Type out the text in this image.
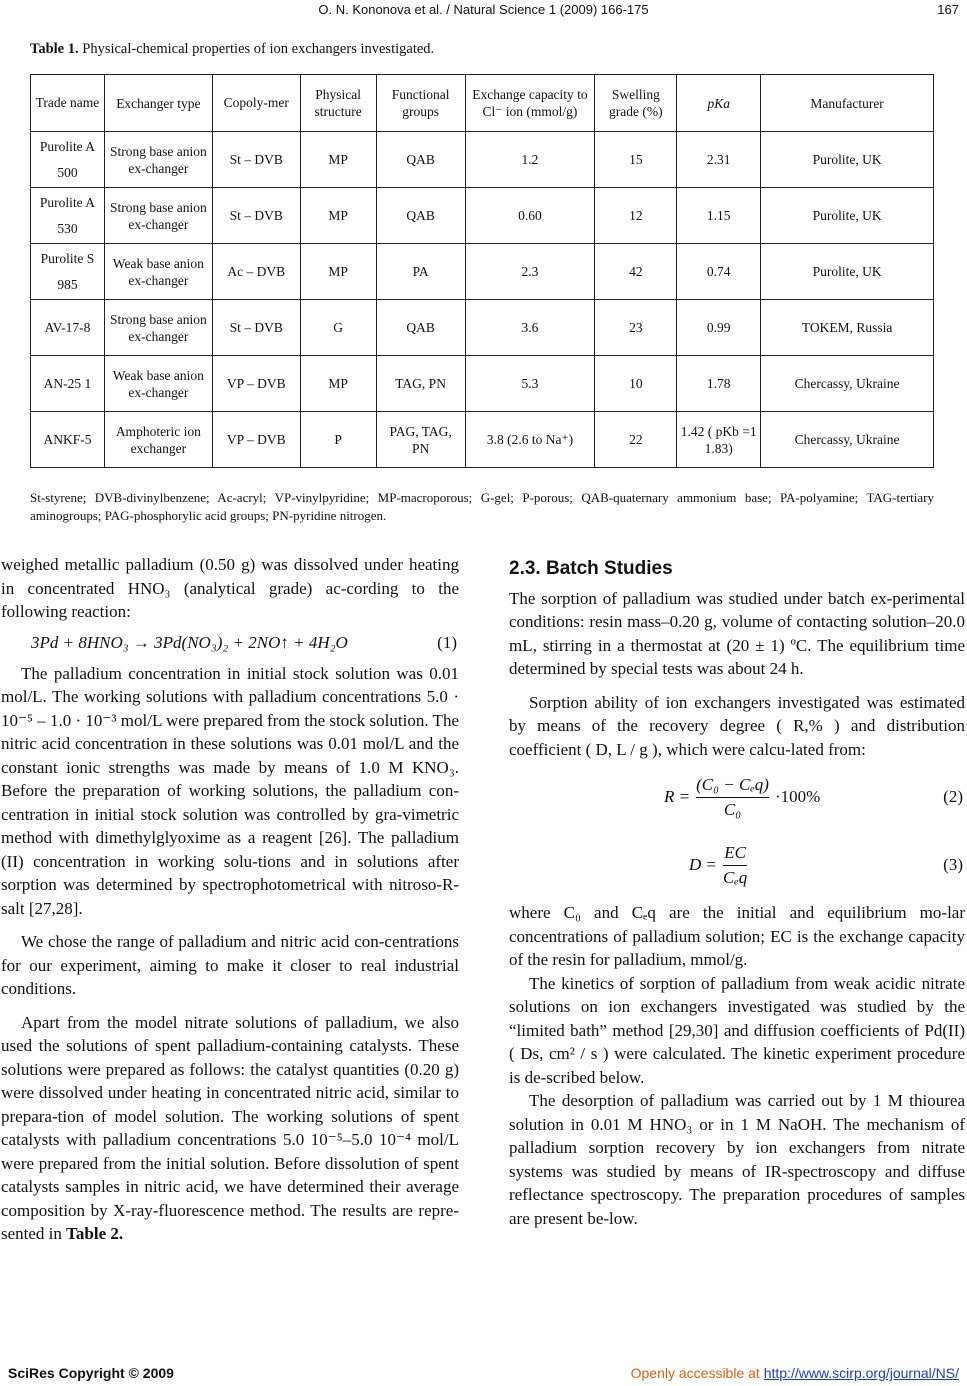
O. N. Kononova et al. / Natural Science 1 (2009) 166-175	167
Table 1. Physical-chemical properties of ion exchangers investigated.
Trade name	Exchanger type	Copoly-mer	Physical structure	Functional groups	Exchange capacity to Cl⁻ ion (mmol/g)	Swelling grade (%)	pKa	Manufacturer
Purolite A 500	Strong base anion ex-changer	St – DVB	MP	QAB	1.2	15	2.31	Purolite, UK
Purolite A 530	Strong base anion ex-changer	St – DVB	MP	QAB	0.60	12	1.15	Purolite, UK
Purolite S 985	Weak base anion ex-changer	Ac – DVB	MP	PA	2.3	42	0.74	Purolite, UK
AV-17-8	Strong base anion ex-changer	St – DVB	G	QAB	3.6	23	0.99	TOKEM, Russia
AN-25 1	Weak base anion ex-changer	VP – DVB	MP	TAG, PN	5.3	10	1.78	Chercassy, Ukraine
ANKF-5	Amphoteric ion exchanger	VP – DVB	P	PAG, TAG, PN	3.8 (2.6 to Na⁺)	22	1.42 ( pKb =1 1.83)	Chercassy, Ukraine
St-styrene; DVB-divinylbenzene; Ac-acryl; VP-vinylpyridine; MP-macroporous; G-gel; P-porous; QAB-quaternary ammonium base; PA-polyamine; TAG-tertiary aminogroups; PAG-phosphorylic acid groups; PN-pyridine nitrogen.

weighed metallic palladium (0.50 g) was dissolved under heating in concentrated HNO₃ (analytical grade) ac-cording to the following reaction:

3Pd + 8HNO₃ → 3Pd(NO₃)₂ + 2NO↑ + 4H₂O	(1)

The palladium concentration in initial stock solution was 0.01 mol/L. The working solutions with palladium concentrations 5.0 · 10⁻⁵ – 1.0 · 10⁻³ mol/L were prepared from the stock solution. The nitric acid concentration in these solutions was 0.01 mol/L and the constant ionic strengths was made by means of 1.0 M KNO₃. Before the preparation of working solutions, the palladium con-centration in initial stock solution was controlled by gra-vimetric method with dimethylglyoxime as a reagent [26]. The palladium (II) concentration in working solu-tions and in solutions after sorption was determined by spectrophotometrical with nitroso-R-salt [27,28].

We chose the range of palladium and nitric acid con-centrations for our experiment, aiming to make it closer to real industrial conditions.

Apart from the model nitrate solutions of palladium, we also used the solutions of spent palladium-containing catalysts. These solutions were prepared as follows: the catalyst quantities (0.20 g) were dissolved under heating in concentrated nitric acid, similar to prepara-tion of model solution. The working solutions of spent catalysts with palladium concentrations 5.0 10⁻⁵–5.0 10⁻⁴ mol/L were prepared from the initial solution. Before dissolution of spent catalysts samples in nitric acid, we have determined their average composition by X-ray-fluorescence method. The results are repre-sented in Table 2.

2.3. Batch Studies

The sorption of palladium was studied under batch ex-perimental conditions: resin mass–0.20 g, volume of contacting solution–20.0 mL, stirring in a thermostat at (20 ± 1) ºC. The equilibrium time determined by special tests was about 24 h.

Sorption ability of ion exchangers investigated was estimated by means of the recovery degree ( R,% ) and distribution coefficient ( D, L / g ), which were calcu-lated from:

R =
(C₀ − Cₑq)
C₀
·100%	(2)
D =
EC
Cₑq
(3)

where C₀ and Cₑq are the initial and equilibrium mo-lar concentrations of palladium solution; EC is the exchange capacity of the resin for palladium, mmol/g.

The kinetics of sorption of palladium from weak acidic nitrate solutions on ion exchangers investigated was studied by the “limited bath” method [29,30] and diffusion coefficients of Pd(II) ( Ds, cm² / s ) were calculated. The kinetic experiment procedure is de-scribed below.

The desorption of palladium was carried out by 1 M thiourea solution in 0.01 M HNO₃ or in 1 M NaOH. The mechanism of palladium sorption recovery by ion exchangers from nitrate systems was studied by means of IR-spectroscopy and diffuse reflectance spectroscopy. The preparation procedures of samples are present be-low.

SciRes Copyright © 2009	Openly accessible at http://www.scirp.org/journal/NS/
